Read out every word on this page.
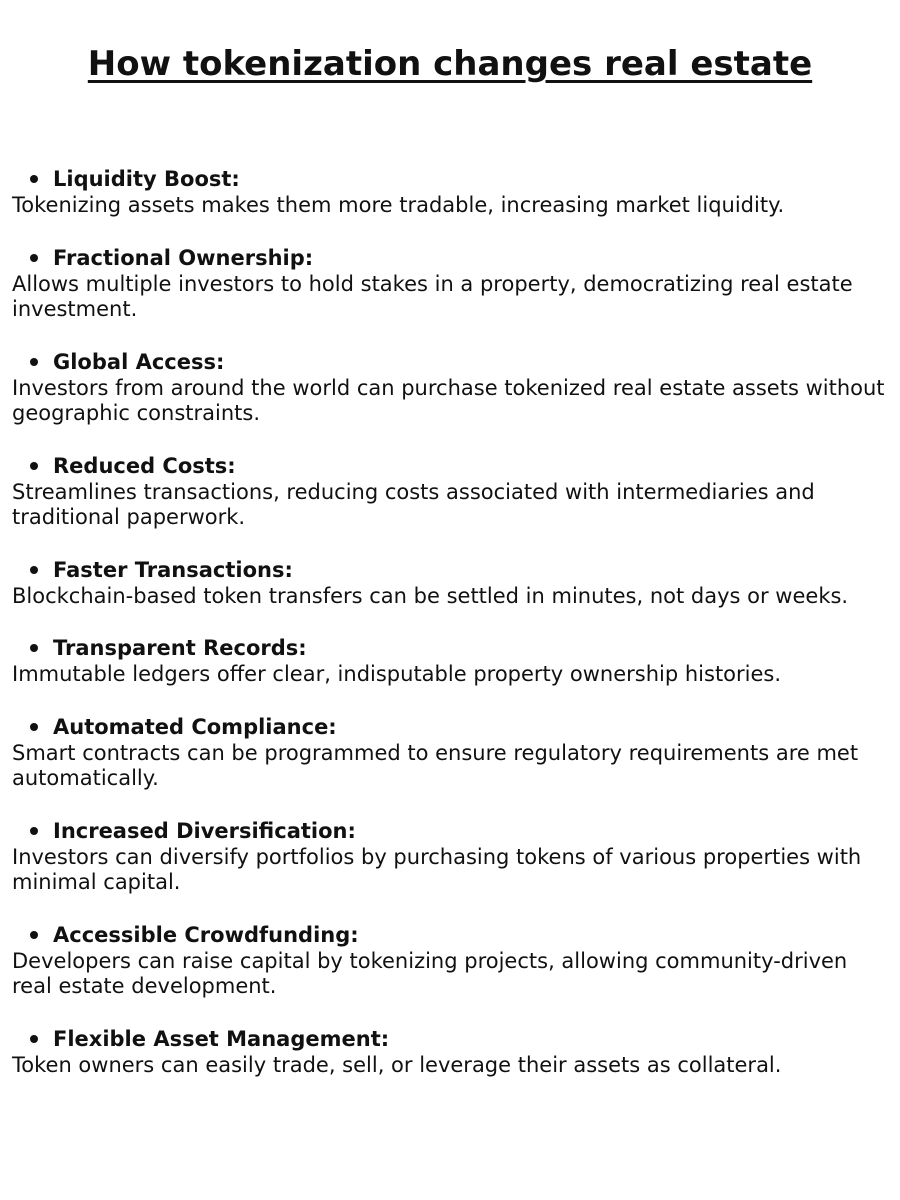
How tokenization changes real estate
Liquidity Boost:

Tokenizing assets makes them more tradable, increasing market liquidity.

Fractional Ownership:

Allows multiple investors to hold stakes in a property, democratizing real estate investment.

Global Access:

Investors from around the world can purchase tokenized real estate assets without geographic constraints.

Reduced Costs:

Streamlines transactions, reducing costs associated with intermediaries and traditional paperwork.

Faster Transactions:

Blockchain-based token transfers can be settled in minutes, not days or weeks.

Transparent Records:

Immutable ledgers offer clear, indisputable property ownership histories.

Automated Compliance:

Smart contracts can be programmed to ensure regulatory requirements are met automatically.

Increased Diversification:

Investors can diversify portfolios by purchasing tokens of various properties with minimal capital.

Accessible Crowdfunding:

Developers can raise capital by tokenizing projects, allowing community-driven real estate development.

Flexible Asset Management:

Token owners can easily trade, sell, or leverage their assets as collateral.
